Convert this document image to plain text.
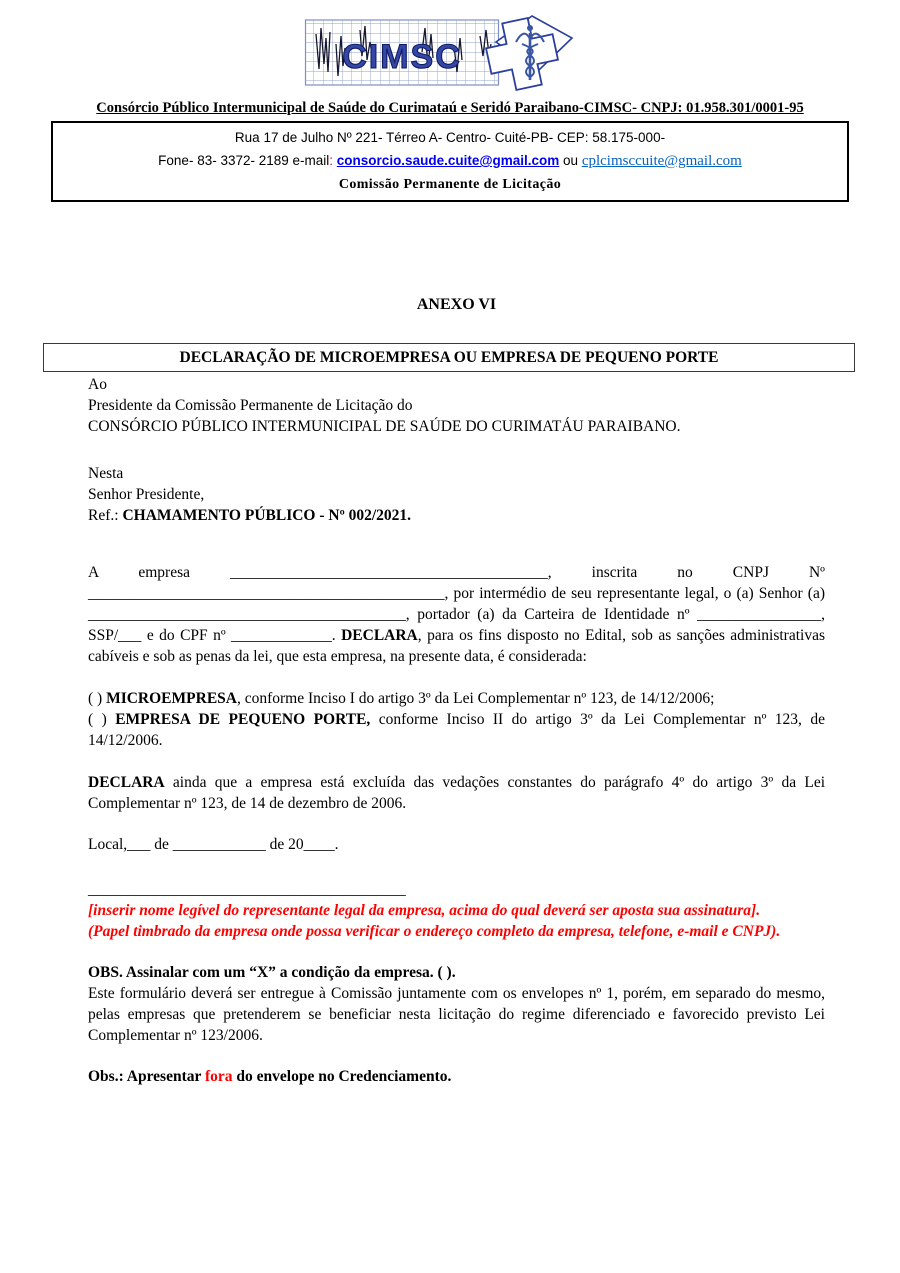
CIMSC
Consórcio Público Intermunicipal de Saúde do Curimataú e Seridó Paraibano-CIMSC- CNPJ: 01.958.301/0001-95
Rua 17 de Julho Nº 221- Térreo A- Centro- Cuité-PB- CEP: 58.175-000-
Fone- 83- 3372- 2189 e-mail: consorcio.saude.cuite@gmail.com ou cplcimsccuite@gmail.com
Comissão Permanente de Licitação

ANEXO VI

DECLARAÇÃO DE MICROEMPRESA OU EMPRESA DE PEQUENO PORTE

Ao

Presidente da Comissão Permanente de Licitação do

CONSÓRCIO PÚBLICO INTERMUNICIPAL DE SAÚDE DO CURIMATÁU PARAIBANO.

Nesta

Senhor Presidente,

Ref.: CHAMAMENTO PÚBLICO - Nº 002/2021.

A empresa _________________________________________, inscrita no CNPJ Nº ______________________________________________, por intermédio de seu representante legal, o (a) Senhor (a) _________________________________________, portador (a) da Carteira de Identidade nº ________________, SSP/___ e do CPF nº _____________. DECLARA, para os fins disposto no Edital, sob as sanções administrativas cabíveis e sob as penas da lei, que esta empresa, na presente data, é considerada:

( ) MICROEMPRESA, conforme Inciso I do artigo 3º da Lei Complementar nº 123, de 14/12/2006;

( ) EMPRESA DE PEQUENO PORTE, conforme Inciso II do artigo 3º da Lei Complementar nº 123, de 14/12/2006.

DECLARA ainda que a empresa está excluída das vedações constantes do parágrafo 4º do artigo 3º da Lei Complementar nº 123, de 14 de dezembro de 2006.

Local,___ de ____________ de 20____.

_________________________________________

[inserir nome legível do representante legal da empresa, acima do qual deverá ser aposta sua assinatura].

(Papel timbrado da empresa onde possa verificar o endereço completo da empresa, telefone, e-mail e CNPJ).

OBS. Assinalar com um “X” a condição da empresa. ( ).

Este formulário deverá ser entregue à Comissão juntamente com os envelopes nº 1, porém, em separado do mesmo, pelas empresas que pretenderem se beneficiar nesta licitação do regime diferenciado e favorecido previsto Lei Complementar nº 123/2006.

Obs.: Apresentar fora do envelope no Credenciamento.
